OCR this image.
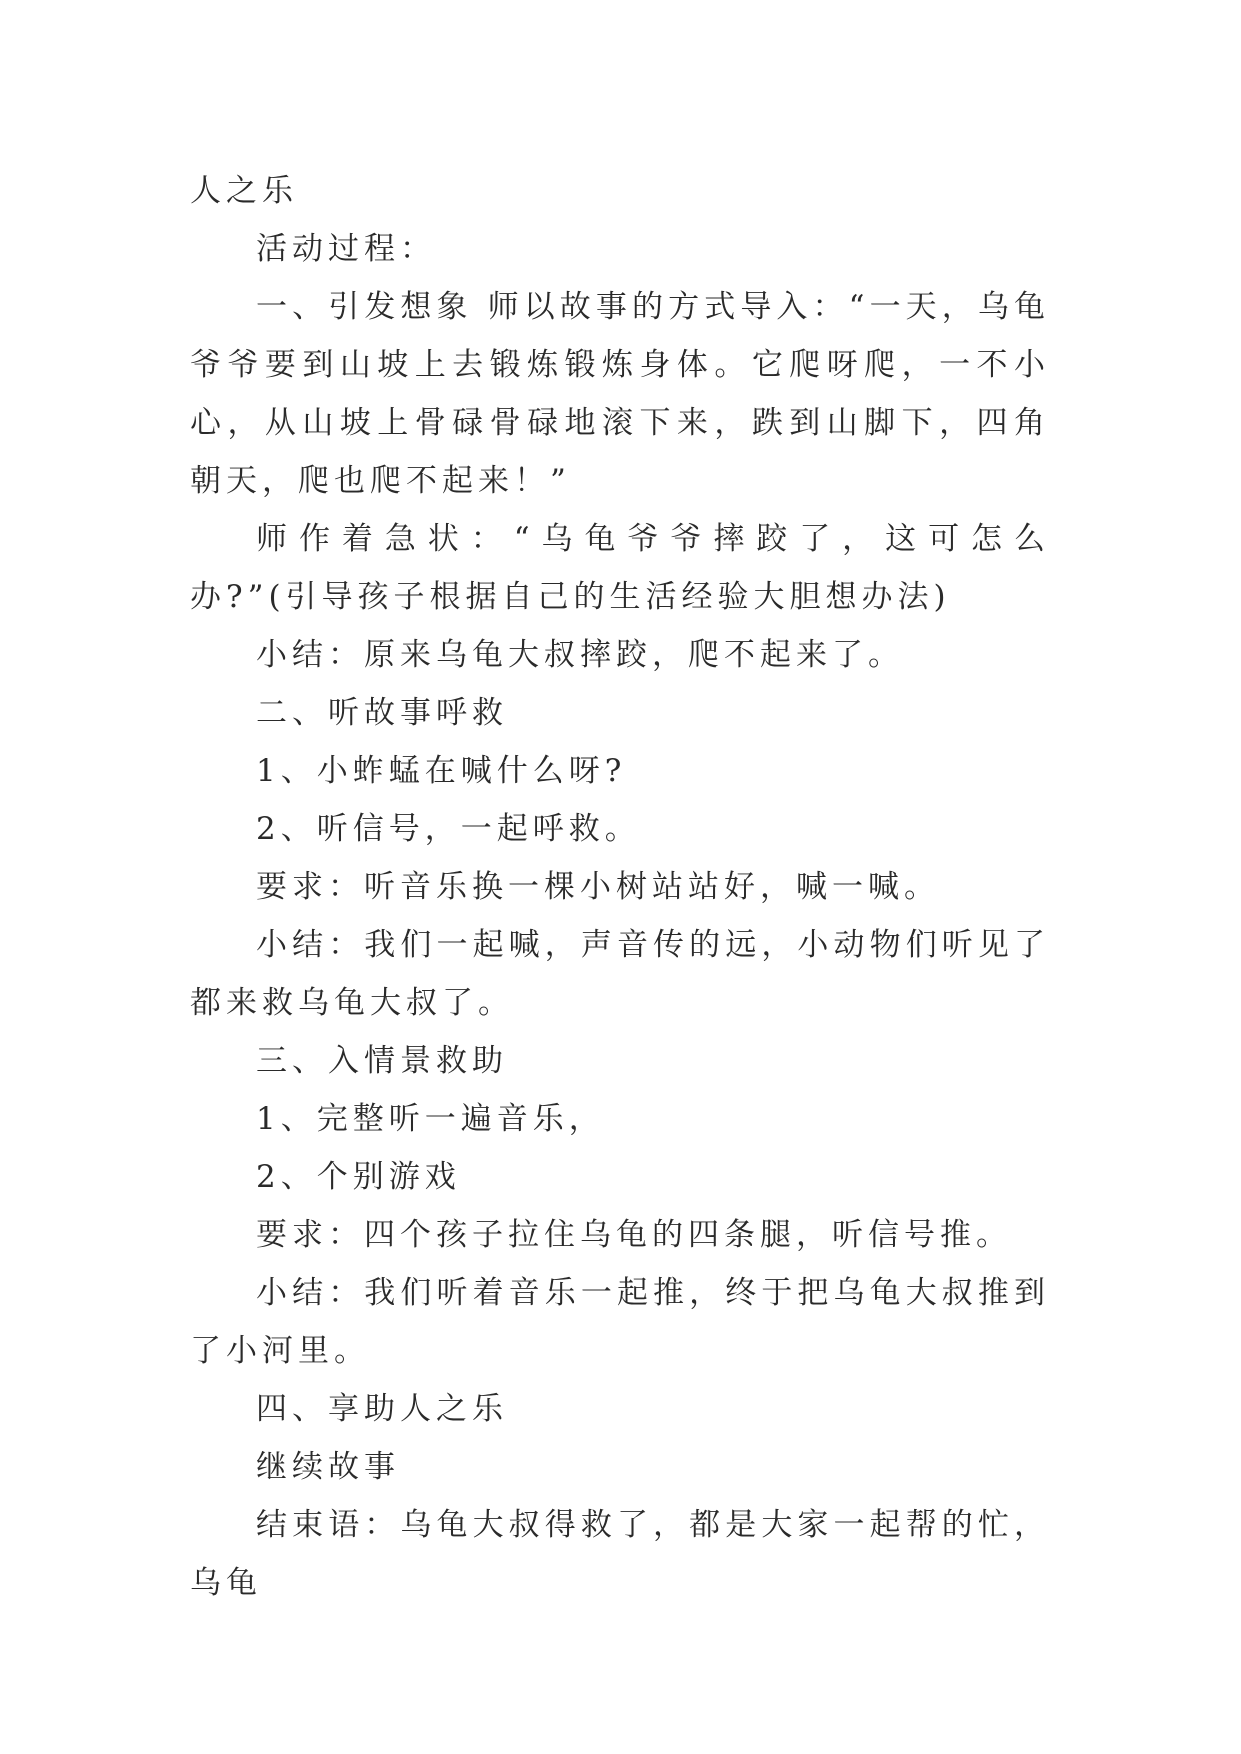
人之乐

活动过程：

一、引发想象 师以故事的方式导入：“一天，乌龟爷爷要到山坡上去锻炼锻炼身体。它爬呀爬，一不小心，从山坡上骨碌骨碌地滚下来，跌到山脚下，四角朝天，爬也爬不起来！”

师作着急状：“乌龟爷爷摔跤了，这可怎么办?”(引导孩子根据自己的生活经验大胆想办法)

小结：原来乌龟大叔摔跤，爬不起来了。

二、听故事呼救

1、小蚱蜢在喊什么呀?

2、听信号，一起呼救。

要求：听音乐换一棵小树站站好，喊一喊。

小结：我们一起喊，声音传的远，小动物们听见了都来救乌龟大叔了。

三、入情景救助

1、完整听一遍音乐，

2、个别游戏

要求：四个孩子拉住乌龟的四条腿，听信号推。

小结：我们听着音乐一起推，终于把乌龟大叔推到了小河里。

四、享助人之乐

继续故事

结束语：乌龟大叔得救了，都是大家一起帮的忙，乌龟
